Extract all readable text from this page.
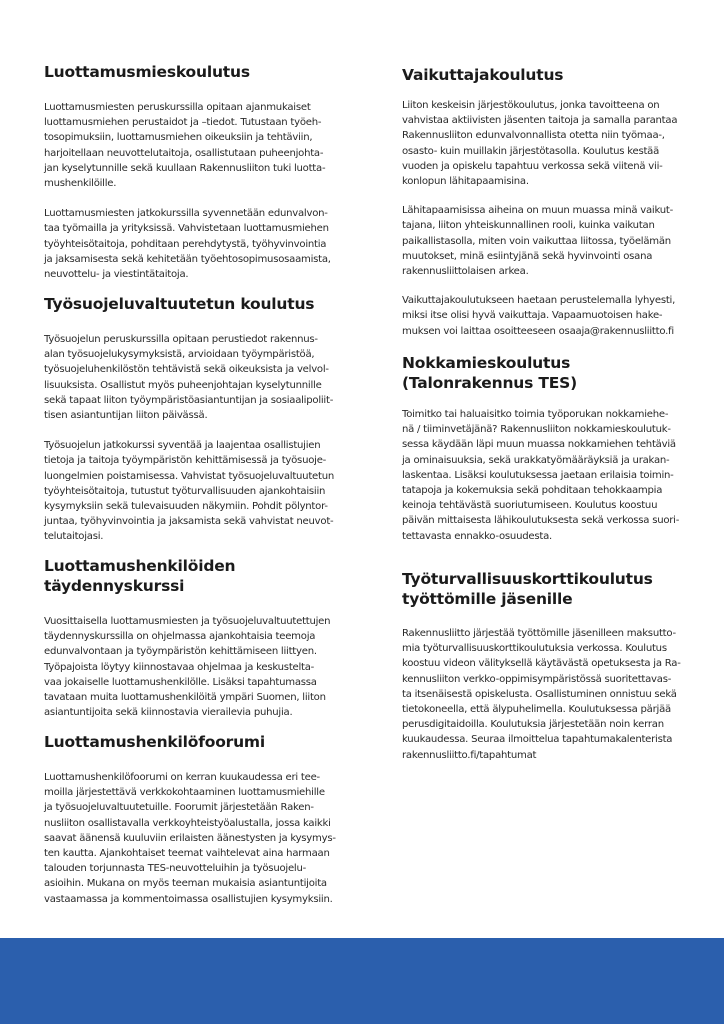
Luottamusmieskoulutus

Luottamusmiesten peruskurssilla opitaan ajanmukaiset
luottamusmiehen perustaidot ja –tiedot. Tutustaan työeh-
tosopimuksiin, luottamusmiehen oikeuksiin ja tehtäviin,
harjoitellaan neuvottelutaitoja, osallistutaan puheenjohta-
jan kyselytunnille sekä kuullaan Rakennusliiton tuki luotta-
mushenkilöille.

Luottamusmiesten jatkokurssilla syvennetään edunvalvon-
taa työmailla ja yrityksissä. Vahvistetaan luottamusmiehen
työyhteisötaitoja, pohditaan perehdytystä, työhyvinvointia
ja jaksamisesta sekä kehitetään työehtosopimusosaamista,
neuvottelu- ja viestintätaitoja.

Työsuojeluvaltuutetun koulutus

Työsuojelun peruskurssilla opitaan perustiedot rakennus-
alan työsuojelukysymyksistä, arvioidaan työympäristöä,
työsuojeluhenkilöstön tehtävistä sekä oikeuksista ja velvol-
lisuuksista. Osallistut myös puheenjohtajan kyselytunnille
sekä tapaat liiton työympäristöasiantuntijan ja sosiaalipoliit-
tisen asiantuntijan liiton päivässä.

Työsuojelun jatkokurssi syventää ja laajentaa osallistujien
tietoja ja taitoja työympäristön kehittämisessä ja työsuoje-
luongelmien poistamisessa. Vahvistat työsuojeluvaltuutetun
työyhteisötaitoja, tutustut työturvallisuuden ajankohtaisiin
kysymyksiin sekä tulevaisuuden näkymiin. Pohdit pölyntor-
juntaa, työhyvinvointia ja jaksamista sekä vahvistat neuvot-
telutaitojasi.

Luottamushenkilöiden
täydennyskurssi

Vuosittaisella luottamusmiesten ja työsuojeluvaltuutettujen
täydennyskurssilla on ohjelmassa ajankohtaisia teemoja
edunvalvontaan ja työympäristön kehittämiseen liittyen.
Työpajoista löytyy kiinnostavaa ohjelmaa ja keskustelta-
vaa jokaiselle luottamushenkilölle. Lisäksi tapahtumassa
tavataan muita luottamushenkilöitä ympäri Suomen, liiton
asiantuntijoita sekä kiinnostavia vierailevia puhujia.

Luottamushenkilöfoorumi

Luottamushenkilöfoorumi on kerran kuukaudessa eri tee-
moilla järjestettävä verkkokohtaaminen luottamusmiehille
ja työsuojeluvaltuutetuille. Foorumit järjestetään Raken-
nusliiton osallistavalla verkkoyhteistyöalustalla, jossa kaikki
saavat äänensä kuuluviin erilaisten äänestysten ja kysymys-
ten kautta. Ajankohtaiset teemat vaihtelevat aina harmaan
talouden torjunnasta TES-neuvotteluihin ja työsuojelu-
asioihin. Mukana on myös teeman mukaisia asiantuntijoita
vastaamassa ja kommentoimassa osallistujien kysymyksiin.

Vaikuttajakoulutus

Liiton keskeisin järjestökoulutus, jonka tavoitteena on
vahvistaa aktiivisten jäsenten taitoja ja samalla parantaa
Rakennusliiton edunvalvonnallista otetta niin työmaa-,
osasto- kuin muillakin järjestötasolla. Koulutus kestää
vuoden ja opiskelu tapahtuu verkossa sekä viitenä vii-
konlopun lähitapaamisina.

Lähitapaamisissa aiheina on muun muassa minä vaikut-
tajana, liiton yhteiskunnallinen rooli, kuinka vaikutan
paikallistasolla, miten voin vaikuttaa liitossa, työelämän
muutokset, minä esiintyjänä sekä hyvinvointi osana
rakennusliittolaisen arkea.

Vaikuttajakoulutukseen haetaan perustelemalla lyhyesti,
miksi itse olisi hyvä vaikuttaja. Vapaamuotoisen hake-
muksen voi laittaa osoitteeseen osaaja@rakennusliitto.fi

Nokkamieskoulutus
(Talonrakennus TES)

Toimitko tai haluaisitko toimia työporukan nokkamiehe-
nä / tiiminvetäjänä? Rakennusliiton nokkamieskoulutuk-
sessa käydään läpi muun muassa nokkamiehen tehtäviä
ja ominaisuuksia, sekä urakkatyömääräyksiä ja urakan-
laskentaa. Lisäksi koulutuksessa jaetaan erilaisia toimin-
tatapoja ja kokemuksia sekä pohditaan tehokkaampia
keinoja tehtävästä suoriutumiseen. Koulutus koostuu
päivän mittaisesta lähikoulutuksesta sekä verkossa suori-
tettavasta ennakko-osuudesta.

Työturvallisuuskorttikoulutus
työttömille jäsenille

Rakennusliitto järjestää työttömille jäsenilleen maksutto-
mia työturvallisuuskorttikoulutuksia verkossa. Koulutus
koostuu videon välityksellä käytävästä opetuksesta ja Ra-
kennusliiton verkko-oppimisympäristössä suoritettavas-
ta itsenäisestä opiskelusta. Osallistuminen onnistuu sekä
tietokoneella, että älypuhelimella. Koulutuksessa pärjää
perusdigitaidoilla. Koulutuksia järjestetään noin kerran
kuukaudessa. Seuraa ilmoittelua tapahtumakalenterista
rakennusliitto.fi/tapahtumat
